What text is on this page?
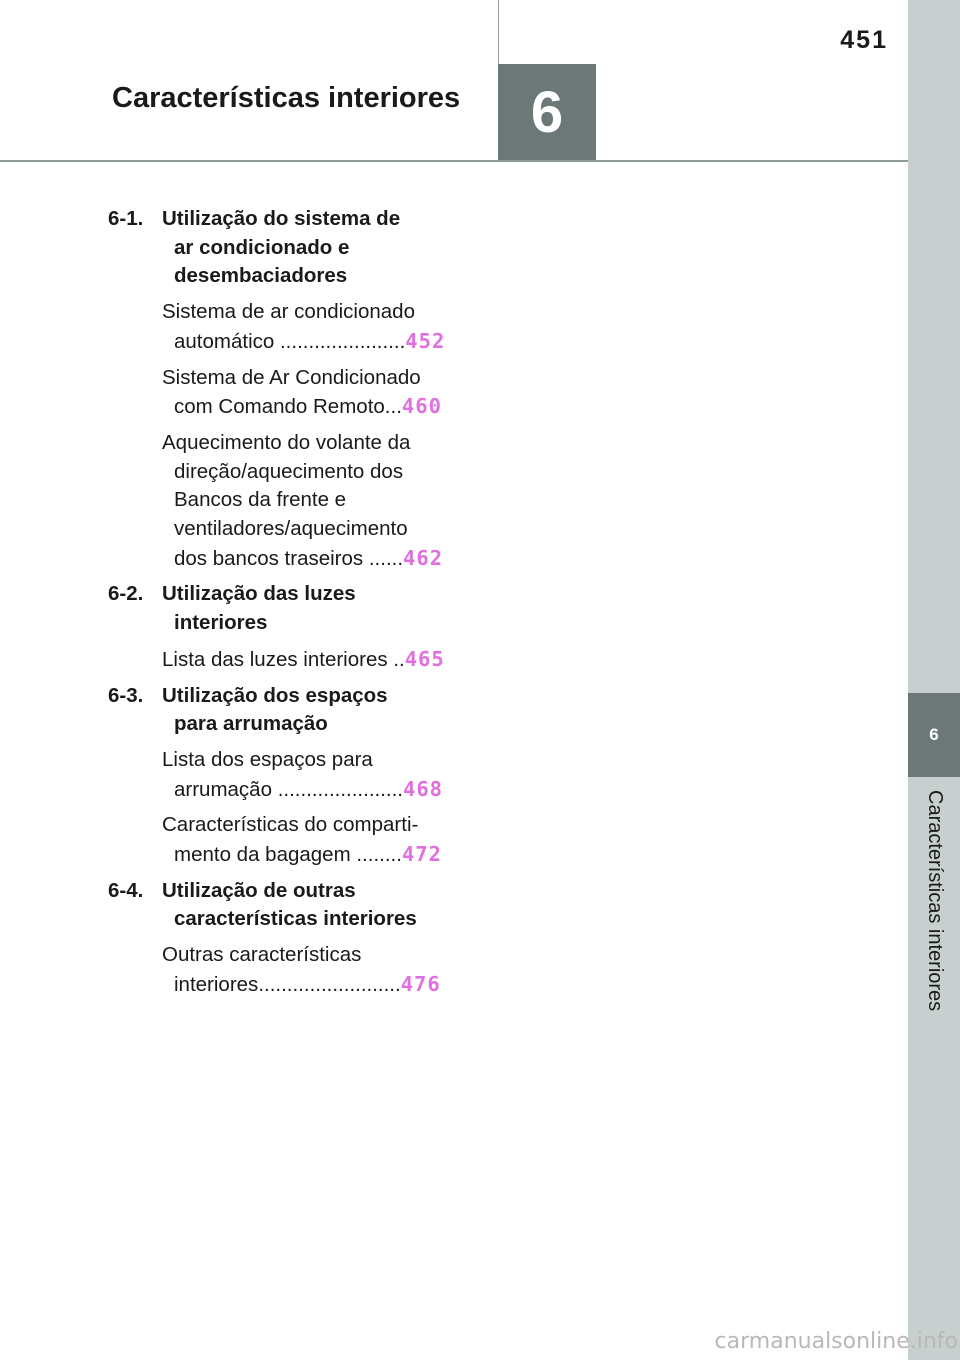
451
Características interiores	6
6
Características interiores
6-1. Utilização do sistema de
ar condicionado e
desembaciadores
Sistema de ar condicionado
automático ......................452
Sistema de Ar Condicionado
com Comando Remoto...460
Aquecimento do volante da
direção/aquecimento dos
Bancos da frente e
ventiladores/aquecimento
dos bancos traseiros ......462
6-2. Utilização das luzes
interiores
Lista das luzes interiores ..465
6-3. Utilização dos espaços
para arrumação
Lista dos espaços para
arrumação ......................468
Características do comparti-
mento da bagagem ........472
6-4. Utilização de outras
características interiores
Outras características
interiores.........................476
carmanualsonline.info
